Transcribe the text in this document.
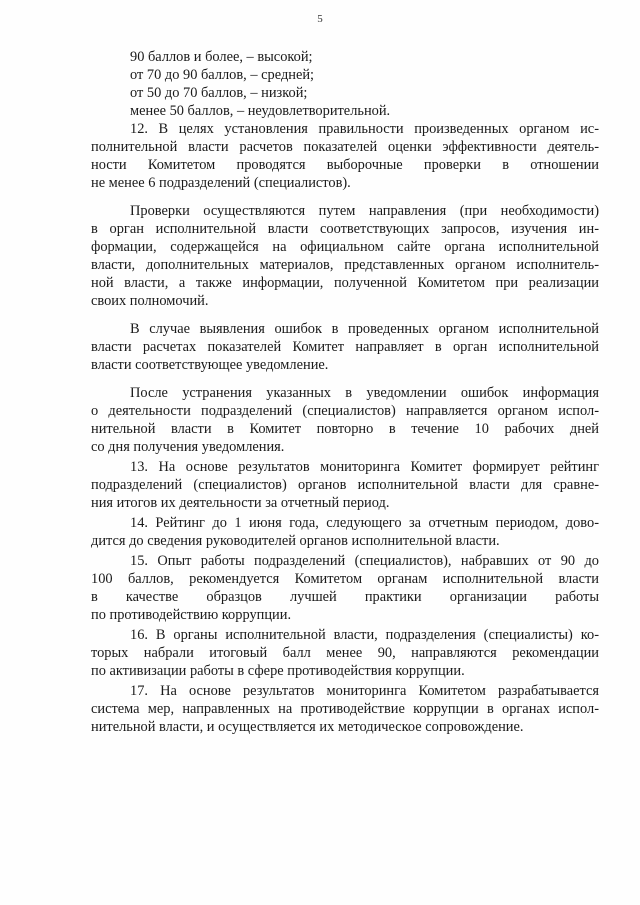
5
90 баллов и более, – высокой;
от 70 до 90 баллов, – средней;
от 50 до 70 баллов, – низкой;
менее 50 баллов, – неудовлетворительной.
12. В целях установления правильности произведенных органом ис-
полнительной власти расчетов показателей оценки эффективности деятель-
ности Комитетом проводятся выборочные проверки в отношении
не менее 6 подразделений (специалистов).
Проверки осуществляются путем направления (при необходимости)
в орган исполнительной власти соответствующих запросов, изучения ин-
формации, содержащейся на официальном сайте органа исполнительной
власти, дополнительных материалов, представленных органом исполнитель-
ной власти, а также информации, полученной Комитетом при реализации
своих полномочий.
В случае выявления ошибок в проведенных органом исполнительной
власти расчетах показателей Комитет направляет в орган исполнительной
власти соответствующее уведомление.
После устранения указанных в уведомлении ошибок информация
о деятельности подразделений (специалистов) направляется органом испол-
нительной власти в Комитет повторно в течение 10 рабочих дней
со дня получения уведомления.
13. На основе результатов мониторинга Комитет формирует рейтинг
подразделений (специалистов) органов исполнительной власти для сравне-
ния итогов их деятельности за отчетный период.
14. Рейтинг до 1 июня года, следующего за отчетным периодом, дово-
дится до сведения руководителей органов исполнительной власти.
15. Опыт работы подразделений (специалистов), набравших от 90 до
100 баллов, рекомендуется Комитетом органам исполнительной власти
в качестве образцов лучшей практики организации работы
по противодействию коррупции.
16. В органы исполнительной власти, подразделения (специалисты) ко-
торых набрали итоговый балл менее 90, направляются рекомендации
по активизации работы в сфере противодействия коррупции.
17. На основе результатов мониторинга Комитетом разрабатывается
система мер, направленных на противодействие коррупции в органах испол-
нительной власти, и осуществляется их методическое сопровождение.
